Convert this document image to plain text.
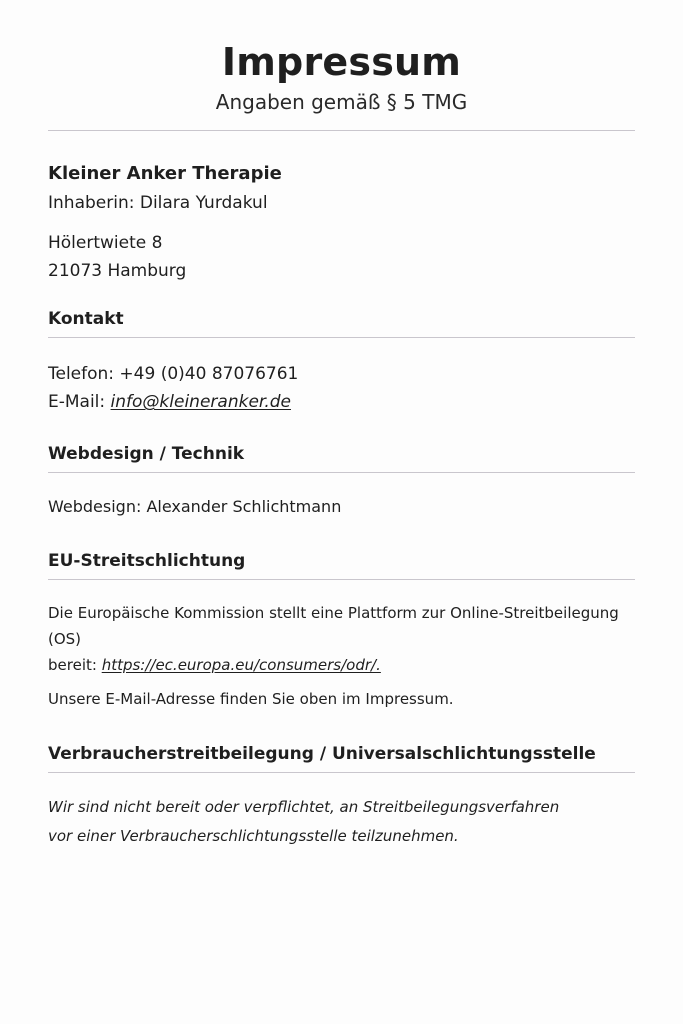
Impressum

Angaben gemäß § 5 TMG

Kleiner Anker Therapie

Inhaberin: Dilara Yurdakul

Hölertwiete 8

21073 Hamburg

Kontakt

Telefon: +49 (0)40 87076761

E-Mail: info@kleineranker.de

Webdesign / Technik

Webdesign: Alexander Schlichtmann

EU-Streitschlichtung

Die Europäische Kommission stellt eine Plattform zur Online-Streitbeilegung (OS)

bereit: https://ec.europa.eu/consumers/odr/.

Unsere E-Mail-Adresse finden Sie oben im Impressum.

Verbraucherstreitbeilegung / Universalschlichtungsstelle

Wir sind nicht bereit oder verpflichtet, an Streitbeilegungsverfahren

vor einer Verbraucherschlichtungsstelle teilzunehmen.
